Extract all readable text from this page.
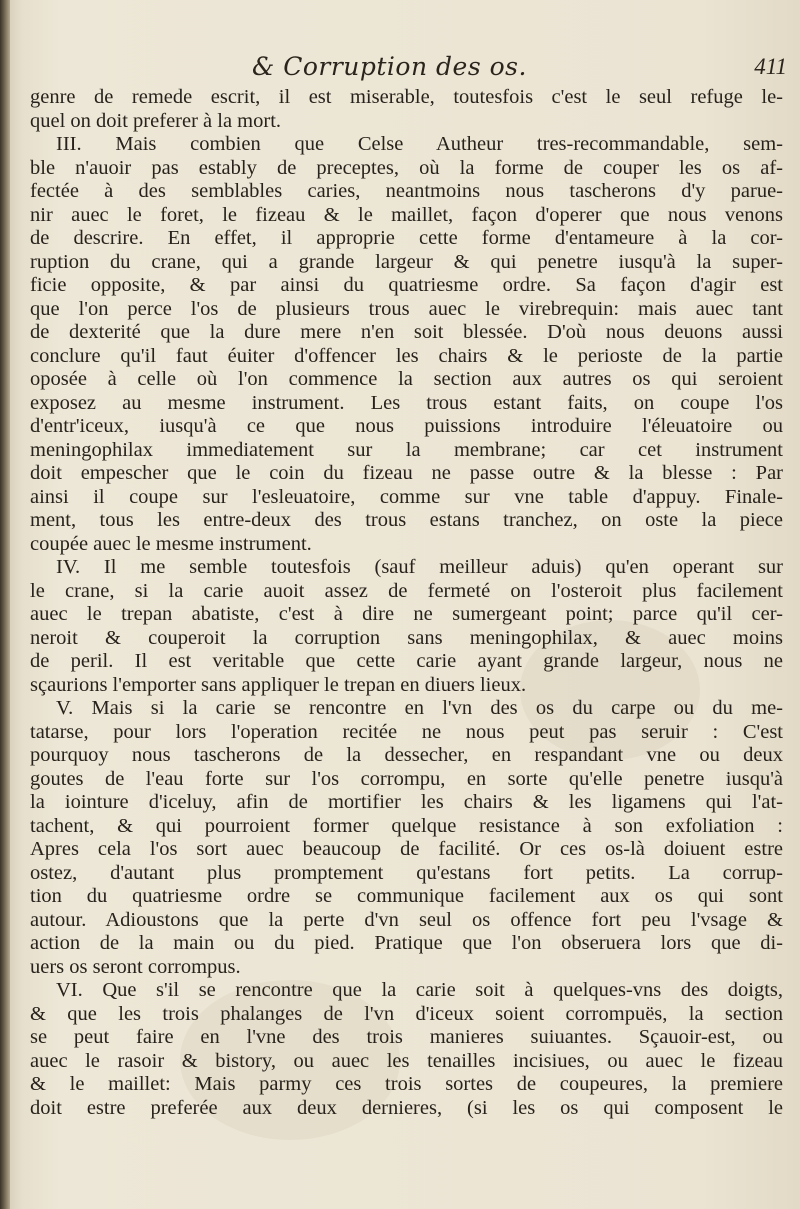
& Corruption des os.	411
genre de remede escrit, il est miserable, toutesfois c'est le seul refuge le-
quel on doit preferer à la mort.
III. Mais combien que Celse Autheur tres-recommandable, sem-
ble n'auoir pas estably de preceptes, où la forme de couper les os af-
fectée à des semblables caries, neantmoins nous tascherons d'y parue-
nir auec le foret, le fizeau & le maillet, façon d'operer que nous venons
de descrire. En effet, il approprie cette forme d'entameure à la cor-
ruption du crane, qui a grande largeur & qui penetre iusqu'à la super-
ficie opposite, & par ainsi du quatriesme ordre. Sa façon d'agir est
que l'on perce l'os de plusieurs trous auec le virebrequin: mais auec tant
de dexterité que la dure mere n'en soit blessée. D'où nous deuons aussi
conclure qu'il faut éuiter d'offencer les chairs & le perioste de la partie
oposée à celle où l'on commence la section aux autres os qui seroient
exposez au mesme instrument. Les trous estant faits, on coupe l'os
d'entr'iceux, iusqu'à ce que nous puissions introduire l'éleuatoire ou
meningophilax immediatement sur la membrane; car cet instrument
doit empescher que le coin du fizeau ne passe outre & la blesse : Par
ainsi il coupe sur l'esleuatoire, comme sur vne table d'appuy. Finale-
ment, tous les entre-deux des trous estans tranchez, on oste la piece
coupée auec le mesme instrument.
IV. Il me semble toutesfois (sauf meilleur aduis) qu'en operant sur
le crane, si la carie auoit assez de fermeté on l'osteroit plus facilement
auec le trepan abatiste, c'est à dire ne sumergeant point; parce qu'il cer-
neroit & couperoit la corruption sans meningophilax, & auec moins
de peril. Il est veritable que cette carie ayant grande largeur, nous ne
sçaurions l'emporter sans appliquer le trepan en diuers lieux.
V. Mais si la carie se rencontre en l'vn des os du carpe ou du me-
tatarse, pour lors l'operation recitée ne nous peut pas seruir : C'est
pourquoy nous tascherons de la dessecher, en respandant vne ou deux
goutes de l'eau forte sur l'os corrompu, en sorte qu'elle penetre iusqu'à
la iointure d'iceluy, afin de mortifier les chairs & les ligamens qui l'at-
tachent, & qui pourroient former quelque resistance à son exfoliation :
Apres cela l'os sort auec beaucoup de facilité. Or ces os-là doiuent estre
ostez, d'autant plus promptement qu'estans fort petits. La corrup-
tion du quatriesme ordre se communique facilement aux os qui sont
autour. Adioustons que la perte d'vn seul os offence fort peu l'vsage &
action de la main ou du pied. Pratique que l'on obseruera lors que di-
uers os seront corrompus.
VI. Que s'il se rencontre que la carie soit à quelques-vns des doigts,
& que les trois phalanges de l'vn d'iceux soient corrompuës, la section
se peut faire en l'vne des trois manieres suiuantes. Sçauoir-est, ou
auec le rasoir & bistory, ou auec les tenailles incisiues, ou auec le fizeau
& le maillet: Mais parmy ces trois sortes de coupeures, la premiere
doit estre preferée aux deux dernieres, (si les os qui composent le
